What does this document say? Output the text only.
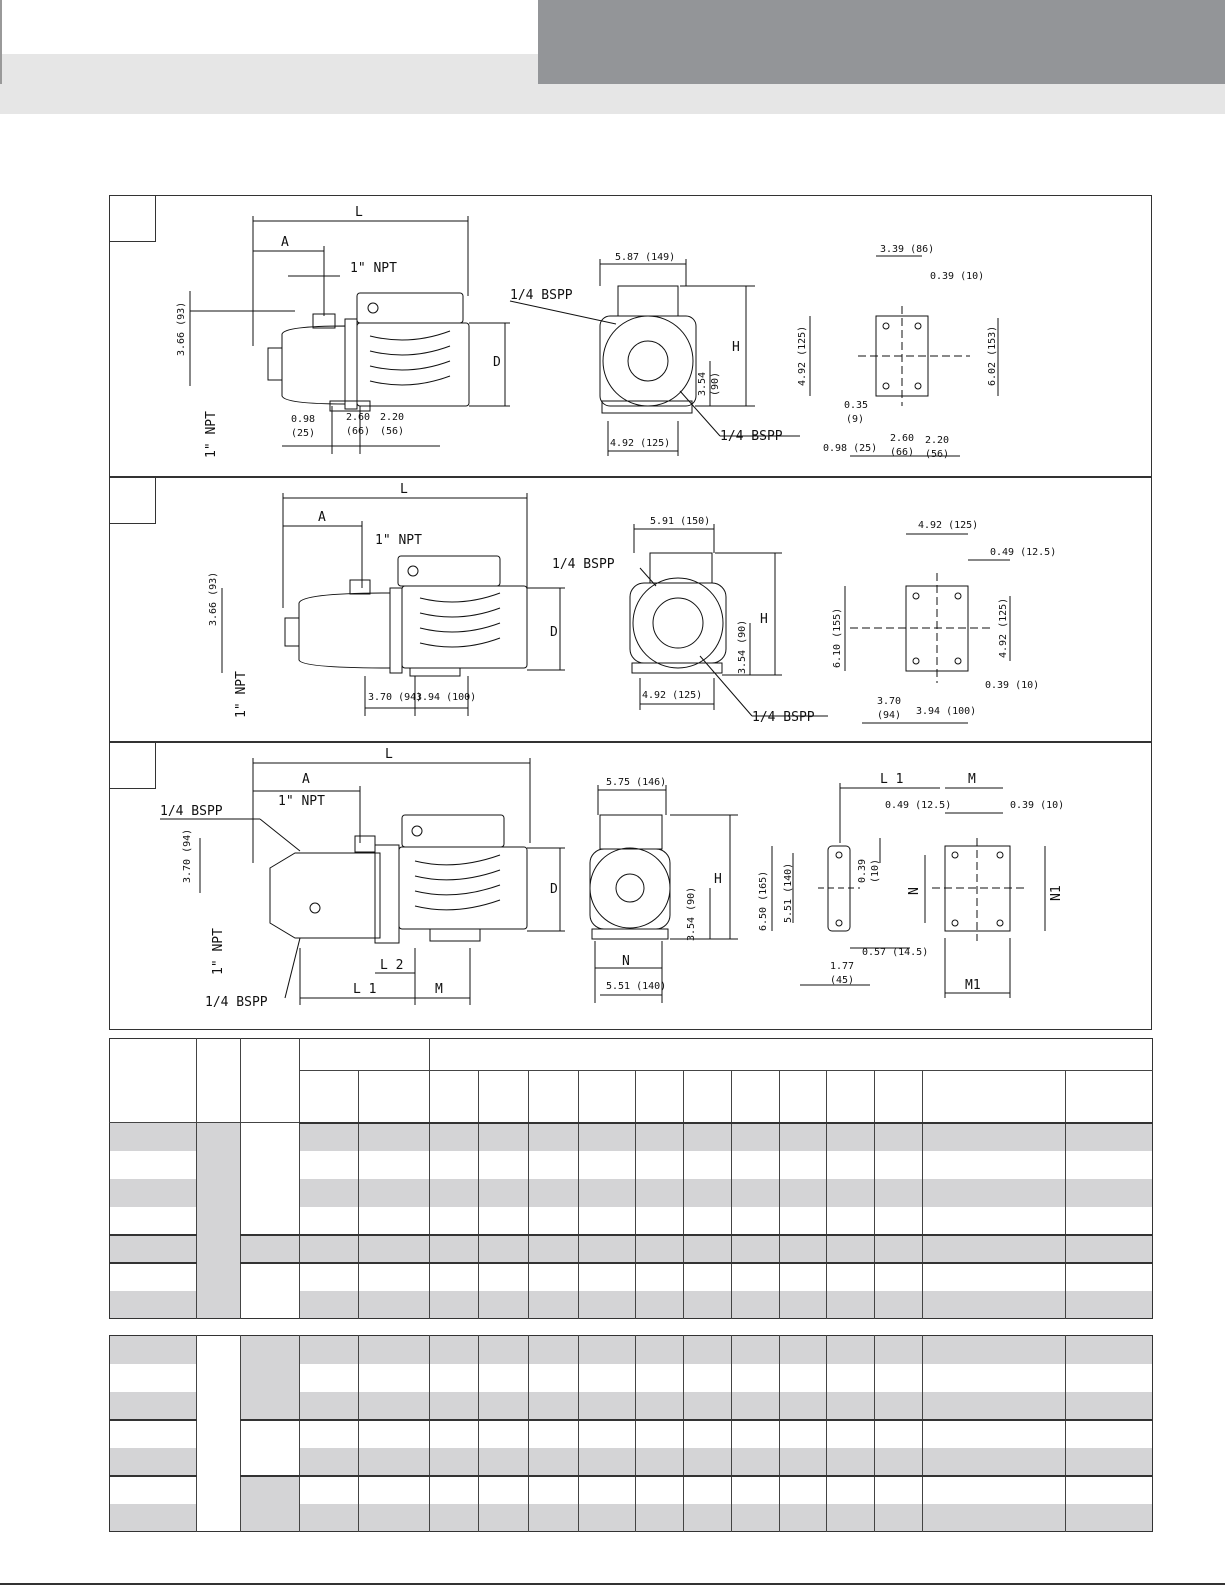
L
A
1" NPT
1/4 BSPP
1/4 BSPP
D
H
1" NPT
3.66 (93)
0.98
(25)
2.60
(66)
2.20
(56)
5.87 (149)
4.92 (125)
3.54 (90)
3.39 (86)
0.39 (10)
4.92 (125)	6.02 (153)
0.35
(9)
0.98 (25)
2.60
(66)
2.20
(56)
L
A
1" NPT
1/4 BSPP
1/4 BSPP
D
H
1" NPT
3.66 (93)
3.70 (94)
3.94 (100)
5.91 (150)
4.92 (125)
3.54 (90)
4.92 (125)
0.49 (12.5)
6.10 (155)	4.92 (125)
0.39 (10)
3.70
(94) 3.94 (100)
L
A
1" NPT
1/4 BSPP
1/4 BSPP
L 2
L 1	M
D
H
N
1" NPT
L 1	M
N	N1
M1
3.70 (94)
5.75 (146)
5.51 (140)
3.54 (90)
0.49 (12.5)	0.39 (10)
6.50 (165) 5.51 (140)	0.39 (10)
0.57 (14.5)
1.77
(45)
